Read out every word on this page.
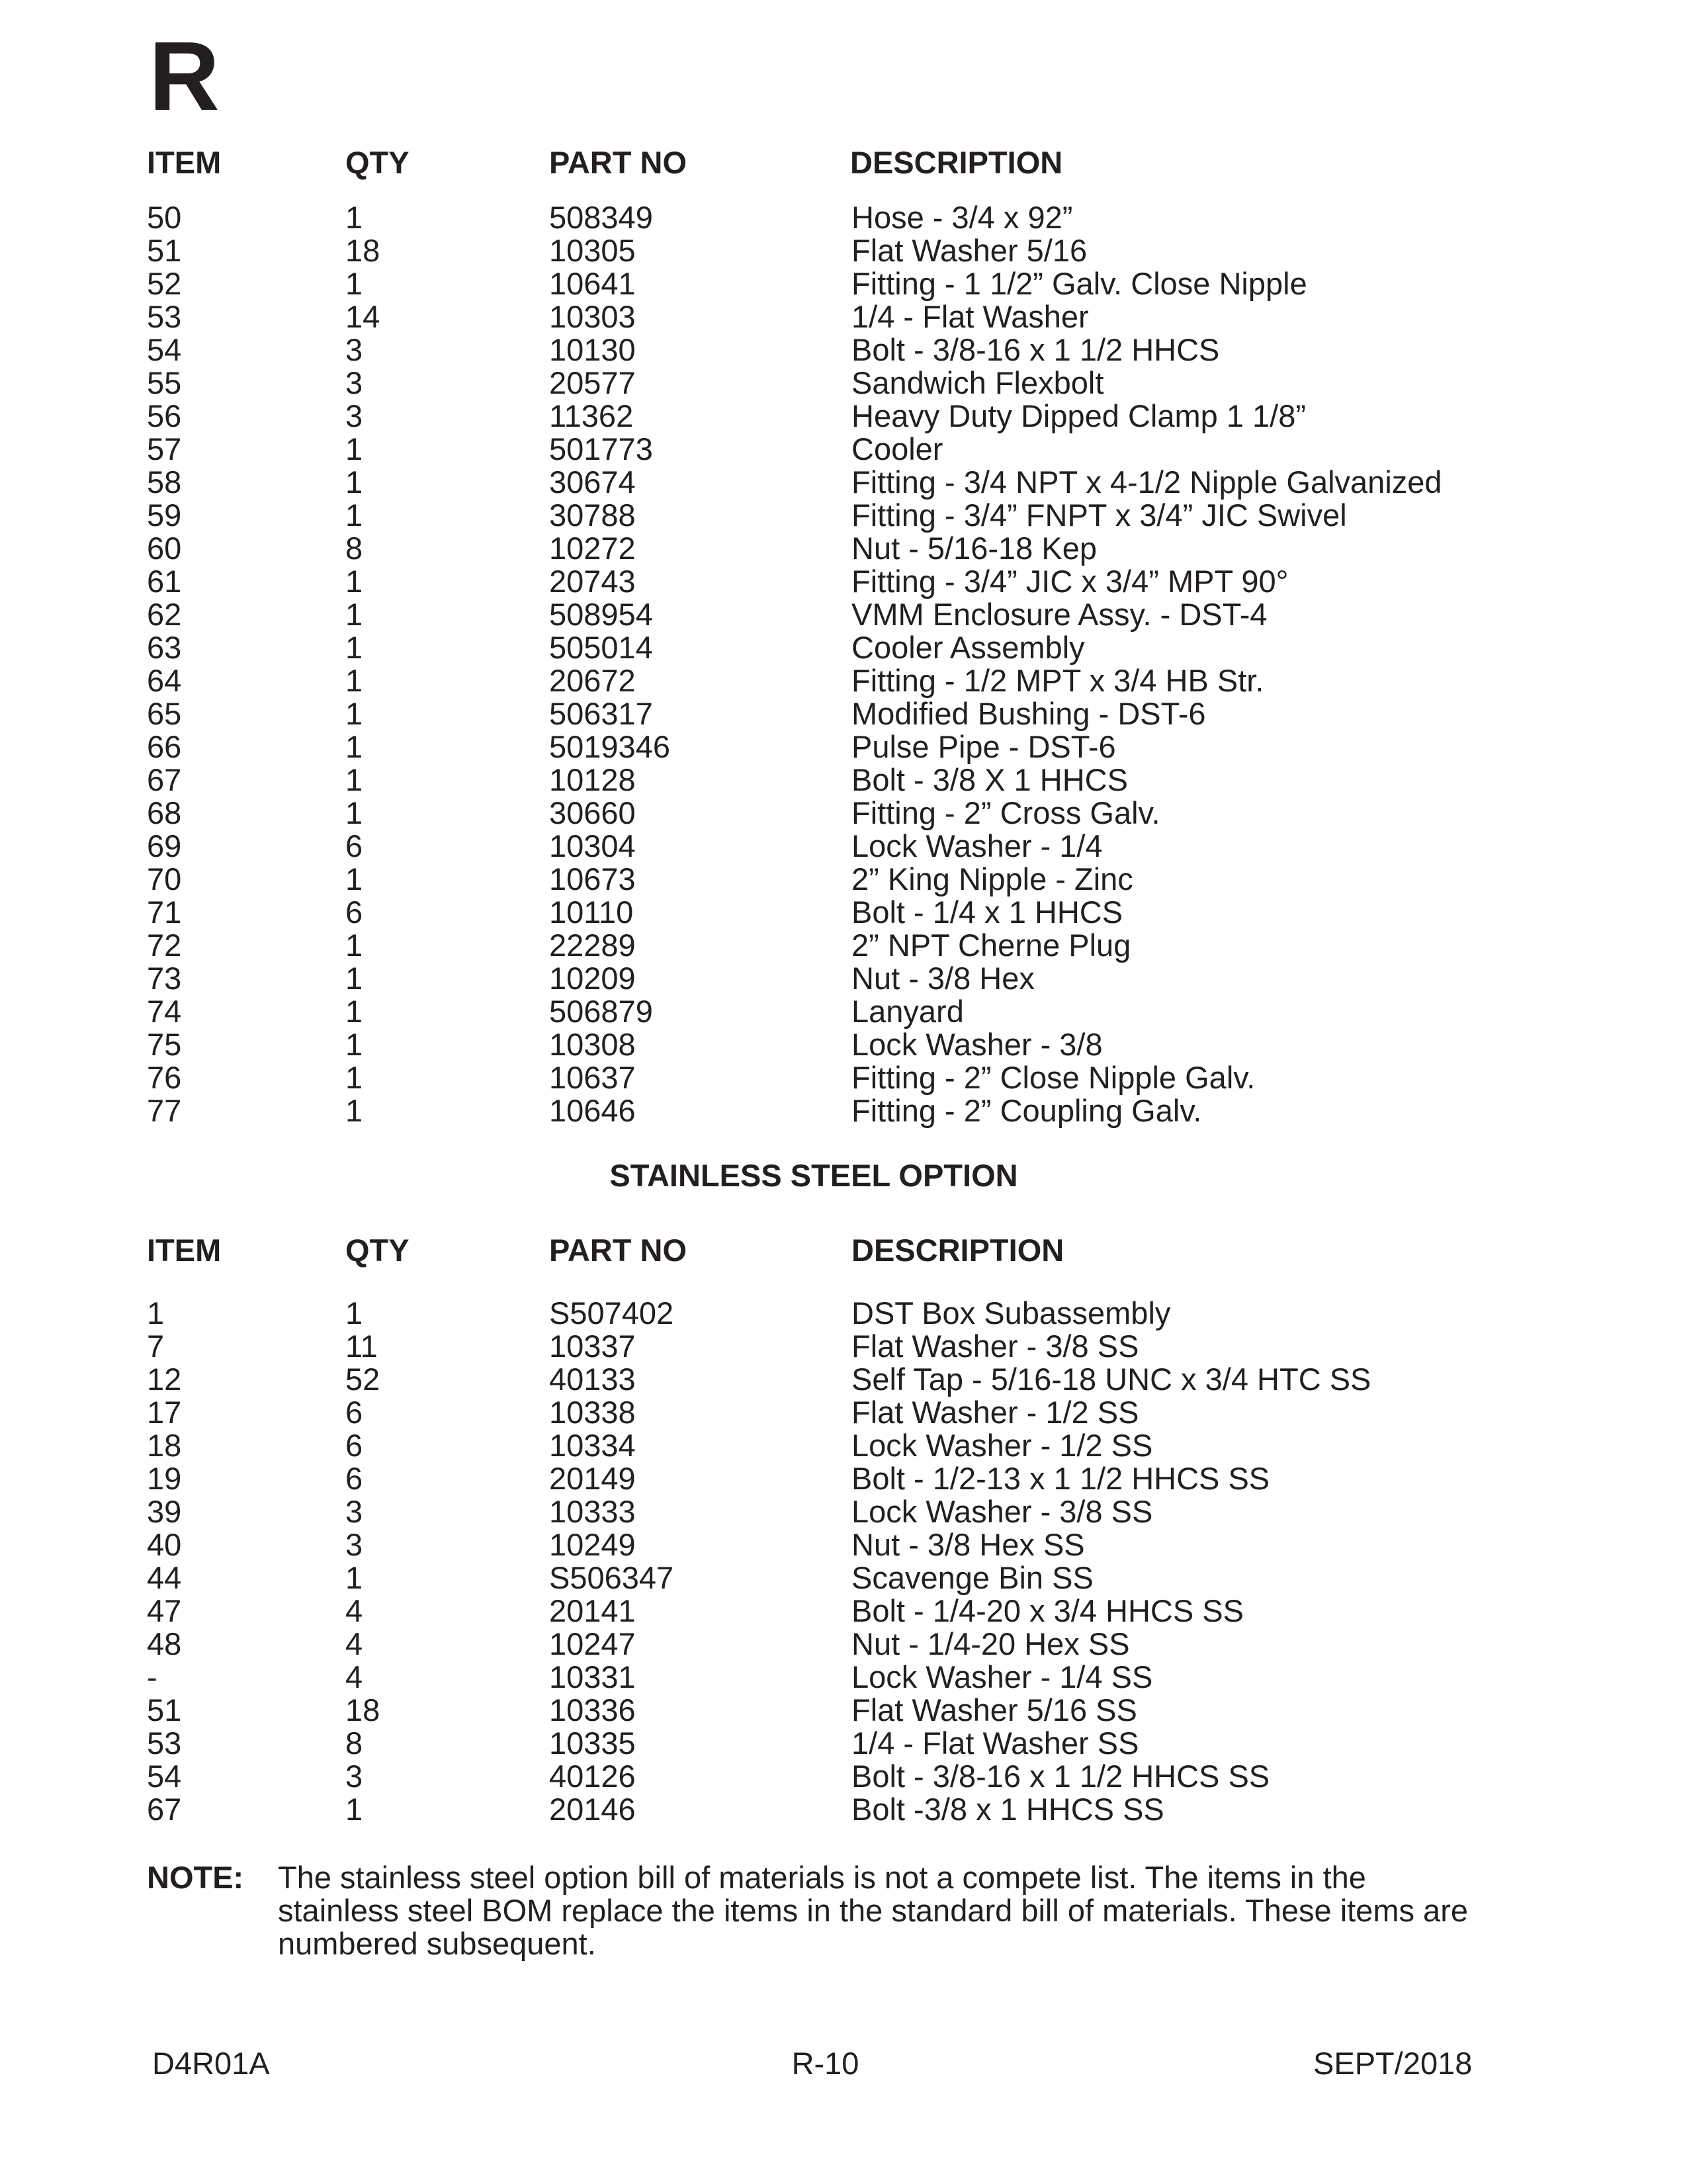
R
ITEM	QTY	PART NO	DESCRIPTION
50	1	508349	Hose - 3/4 x 92”
51	18	10305	Flat Washer 5/16
52	1	10641	Fitting - 1 1/2” Galv. Close Nipple
53	14	10303	1/4 - Flat Washer
54	3	10130	Bolt - 3/8-16 x 1 1/2 HHCS
55	3	20577	Sandwich Flexbolt
56	3	11362	Heavy Duty Dipped Clamp 1 1/8”
57	1	501773	Cooler
58	1	30674	Fitting - 3/4 NPT x 4-1/2 Nipple Galvanized
59	1	30788	Fitting - 3/4” FNPT x 3/4” JIC Swivel
60	8	10272	Nut - 5/16-18 Kep
61	1	20743	Fitting - 3/4” JIC x 3/4” MPT 90°
62	1	508954	VMM Enclosure Assy. - DST-4
63	1	505014	Cooler Assembly
64	1	20672	Fitting - 1/2 MPT x 3/4 HB Str.
65	1	506317	Modified Bushing - DST-6
66	1	5019346	Pulse Pipe - DST-6
67	1	10128	Bolt - 3/8 X 1 HHCS
68	1	30660	Fitting - 2” Cross Galv.
69	6	10304	Lock Washer - 1/4
70	1	10673	2” King Nipple - Zinc
71	6	10110	Bolt - 1/4 x 1 HHCS
72	1	22289	2” NPT Cherne Plug
73	1	10209	Nut - 3/8 Hex
74	1	506879	Lanyard
75	1	10308	Lock Washer - 3/8
76	1	10637	Fitting - 2” Close Nipple Galv.
77	1	10646	Fitting - 2” Coupling Galv.
STAINLESS STEEL OPTION
ITEM	QTY	PART NO	DESCRIPTION
1	1	S507402	DST Box Subassembly
7	11	10337	Flat Washer - 3/8 SS
12	52	40133	Self Tap - 5/16-18 UNC x 3/4 HTC SS
17	6	10338	Flat Washer - 1/2 SS
18	6	10334	Lock Washer - 1/2 SS
19	6	20149	Bolt - 1/2-13 x 1 1/2 HHCS SS
39	3	10333	Lock Washer - 3/8 SS
40	3	10249	Nut - 3/8 Hex SS
44	1	S506347	Scavenge Bin SS
47	4	20141	Bolt - 1/4-20 x 3/4 HHCS SS
48	4	10247	Nut - 1/4-20 Hex SS
-	4	10331	Lock Washer - 1/4 SS
51	18	10336	Flat Washer 5/16 SS
53	8	10335	1/4 - Flat Washer SS
54	3	40126	Bolt - 3/8-16 x 1 1/2 HHCS SS
67	1	20146	Bolt -3/8 x 1 HHCS SS
NOTE: The stainless steel option bill of materials is not a compete list. The items in the stainless steel BOM replace the items in the standard bill of materials. These items are numbered subsequent.
D4R01A	R-10	SEPT/2018
